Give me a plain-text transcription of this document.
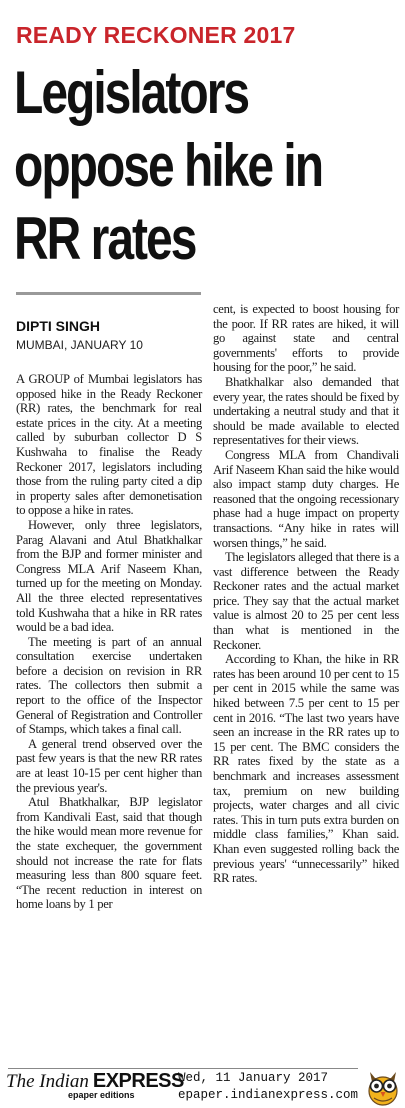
READY RECKONER 2017
Legislators oppose hike in RR rates
DIPTI SINGH
MUMBAI, JANUARY 10

A GROUP of Mumbai legislators has opposed hike in the Ready Reckoner (RR) rates, the benchmark for real estate prices in the city. At a meeting called by suburban collector D S Kushwaha to finalise the Ready Reckoner 2017, legislators including those from the ruling party cited a dip in property sales after demonetisation to oppose a hike in rates.

However, only three legislators, Parag Alavani and Atul Bhatkhalkar from the BJP and former minister and Congress MLA Arif Naseem Khan, turned up for the meeting on Monday. All the three elected representatives told Kushwaha that a hike in RR rates would be a bad idea.

The meeting is part of an annual consultation exercise undertaken before a decision on revision in RR rates. The collectors then submit a report to the office of the Inspector General of Registration and Controller of Stamps, which takes a final call.

A general trend observed over the past few years is that the new RR rates are at least 10-15 per cent higher than the previous year's.

Atul Bhatkhalkar, BJP legislator from Kandivali East, said that though the hike would mean more revenue for the state exchequer, the government should not increase the rate for flats measuring less than 800 square feet. “The recent reduction in interest on home loans by 1 per

cent, is expected to boost housing for the poor. If RR rates are hiked, it will go against state and central governments' efforts to provide housing for the poor,” he said.

Bhatkhalkar also demanded that every year, the rates should be fixed by undertaking a neutral study and that it should be made available to elected representatives for their views.

Congress MLA from Chandivali Arif Naseem Khan said the hike would also impact stamp duty charges. He reasoned that the ongoing recessionary phase had a huge impact on property transactions. “Any hike in rates will worsen things,” he said.

The legislators alleged that there is a vast difference between the Ready Reckoner rates and the actual market price. They say that the actual market value is almost 20 to 25 per cent less than what is mentioned in the Reckoner.

According to Khan, the hike in RR rates has been around 10 per cent to 15 per cent in 2015 while the same was hiked between 7.5 per cent to 15 per cent in 2016. “The last two years have seen an increase in the RR rates up to 15 per cent. The BMC considers the RR rates fixed by the state as a benchmark and increases assessment tax, premium on new building projects, water charges and all civic rates. This in turn puts extra burden on middle class families,” Khan said. Khan even suggested rolling back the previous years' “unnecessarily” hiked RR rates.

The Indian EXPRESS
epaper editions
Wed, 11 January 2017
epaper.indianexpress.com
